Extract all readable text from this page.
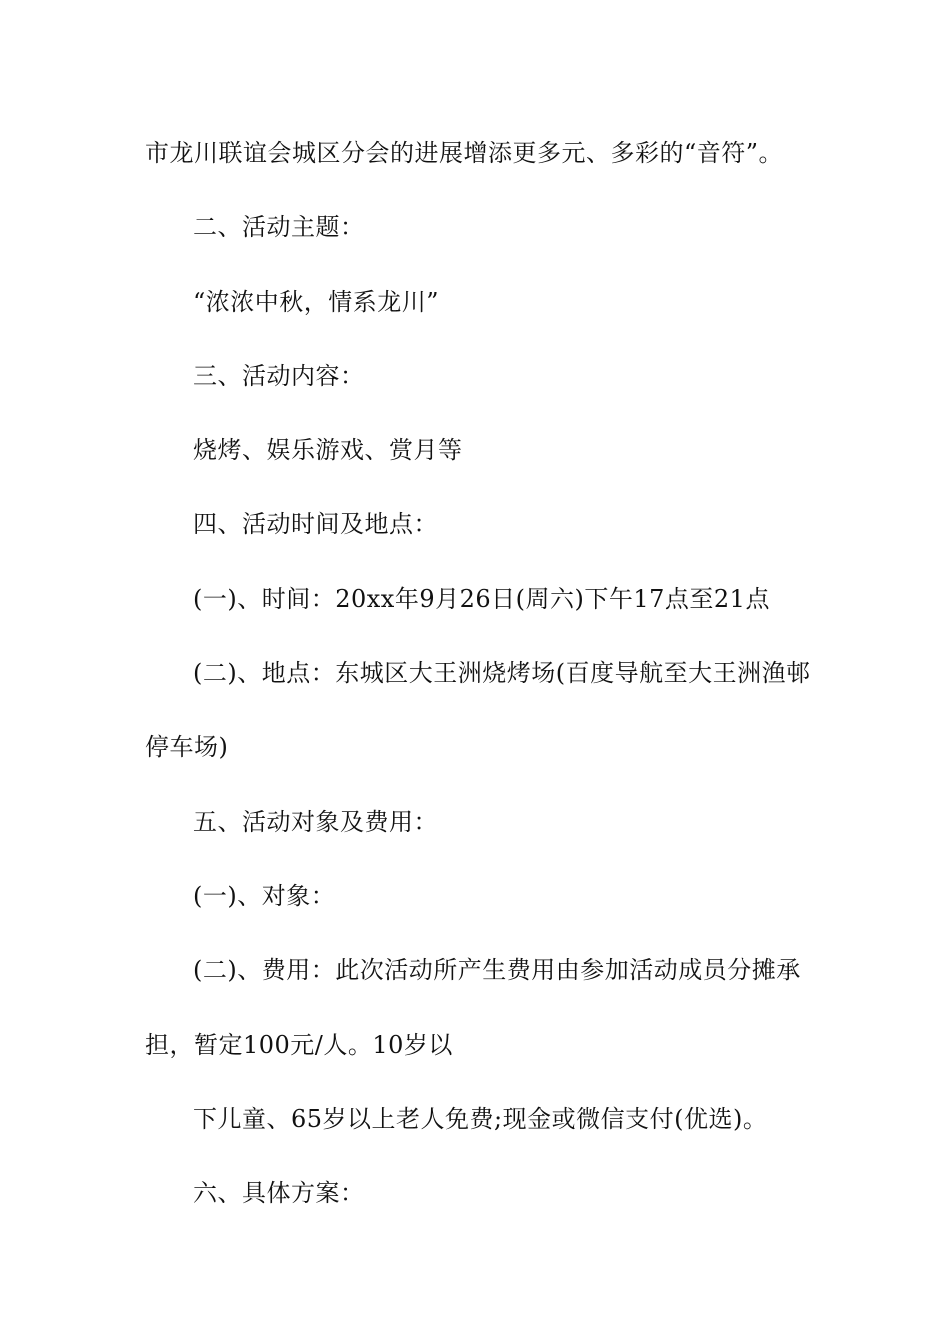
市龙川联谊会城区分会的进展增添更多元、多彩的“音符”。
二、活动主题：
“浓浓中秋，情系龙川”
三、活动内容：
烧烤、娱乐游戏、赏月等
四、活动时间及地点：
(一)、时间：20xx年9月26日(周六)下午17点至21点
(二)、地点：东城区大王洲烧烤场(百度导航至大王洲渔邨
停车场)
五、活动对象及费用：
(一)、对象：
(二)、费用：此次活动所产生费用由参加活动成员分摊承
担，暂定100元/人。10岁以
下儿童、65岁以上老人免费;现金或微信支付(优选)。
六、具体方案：
